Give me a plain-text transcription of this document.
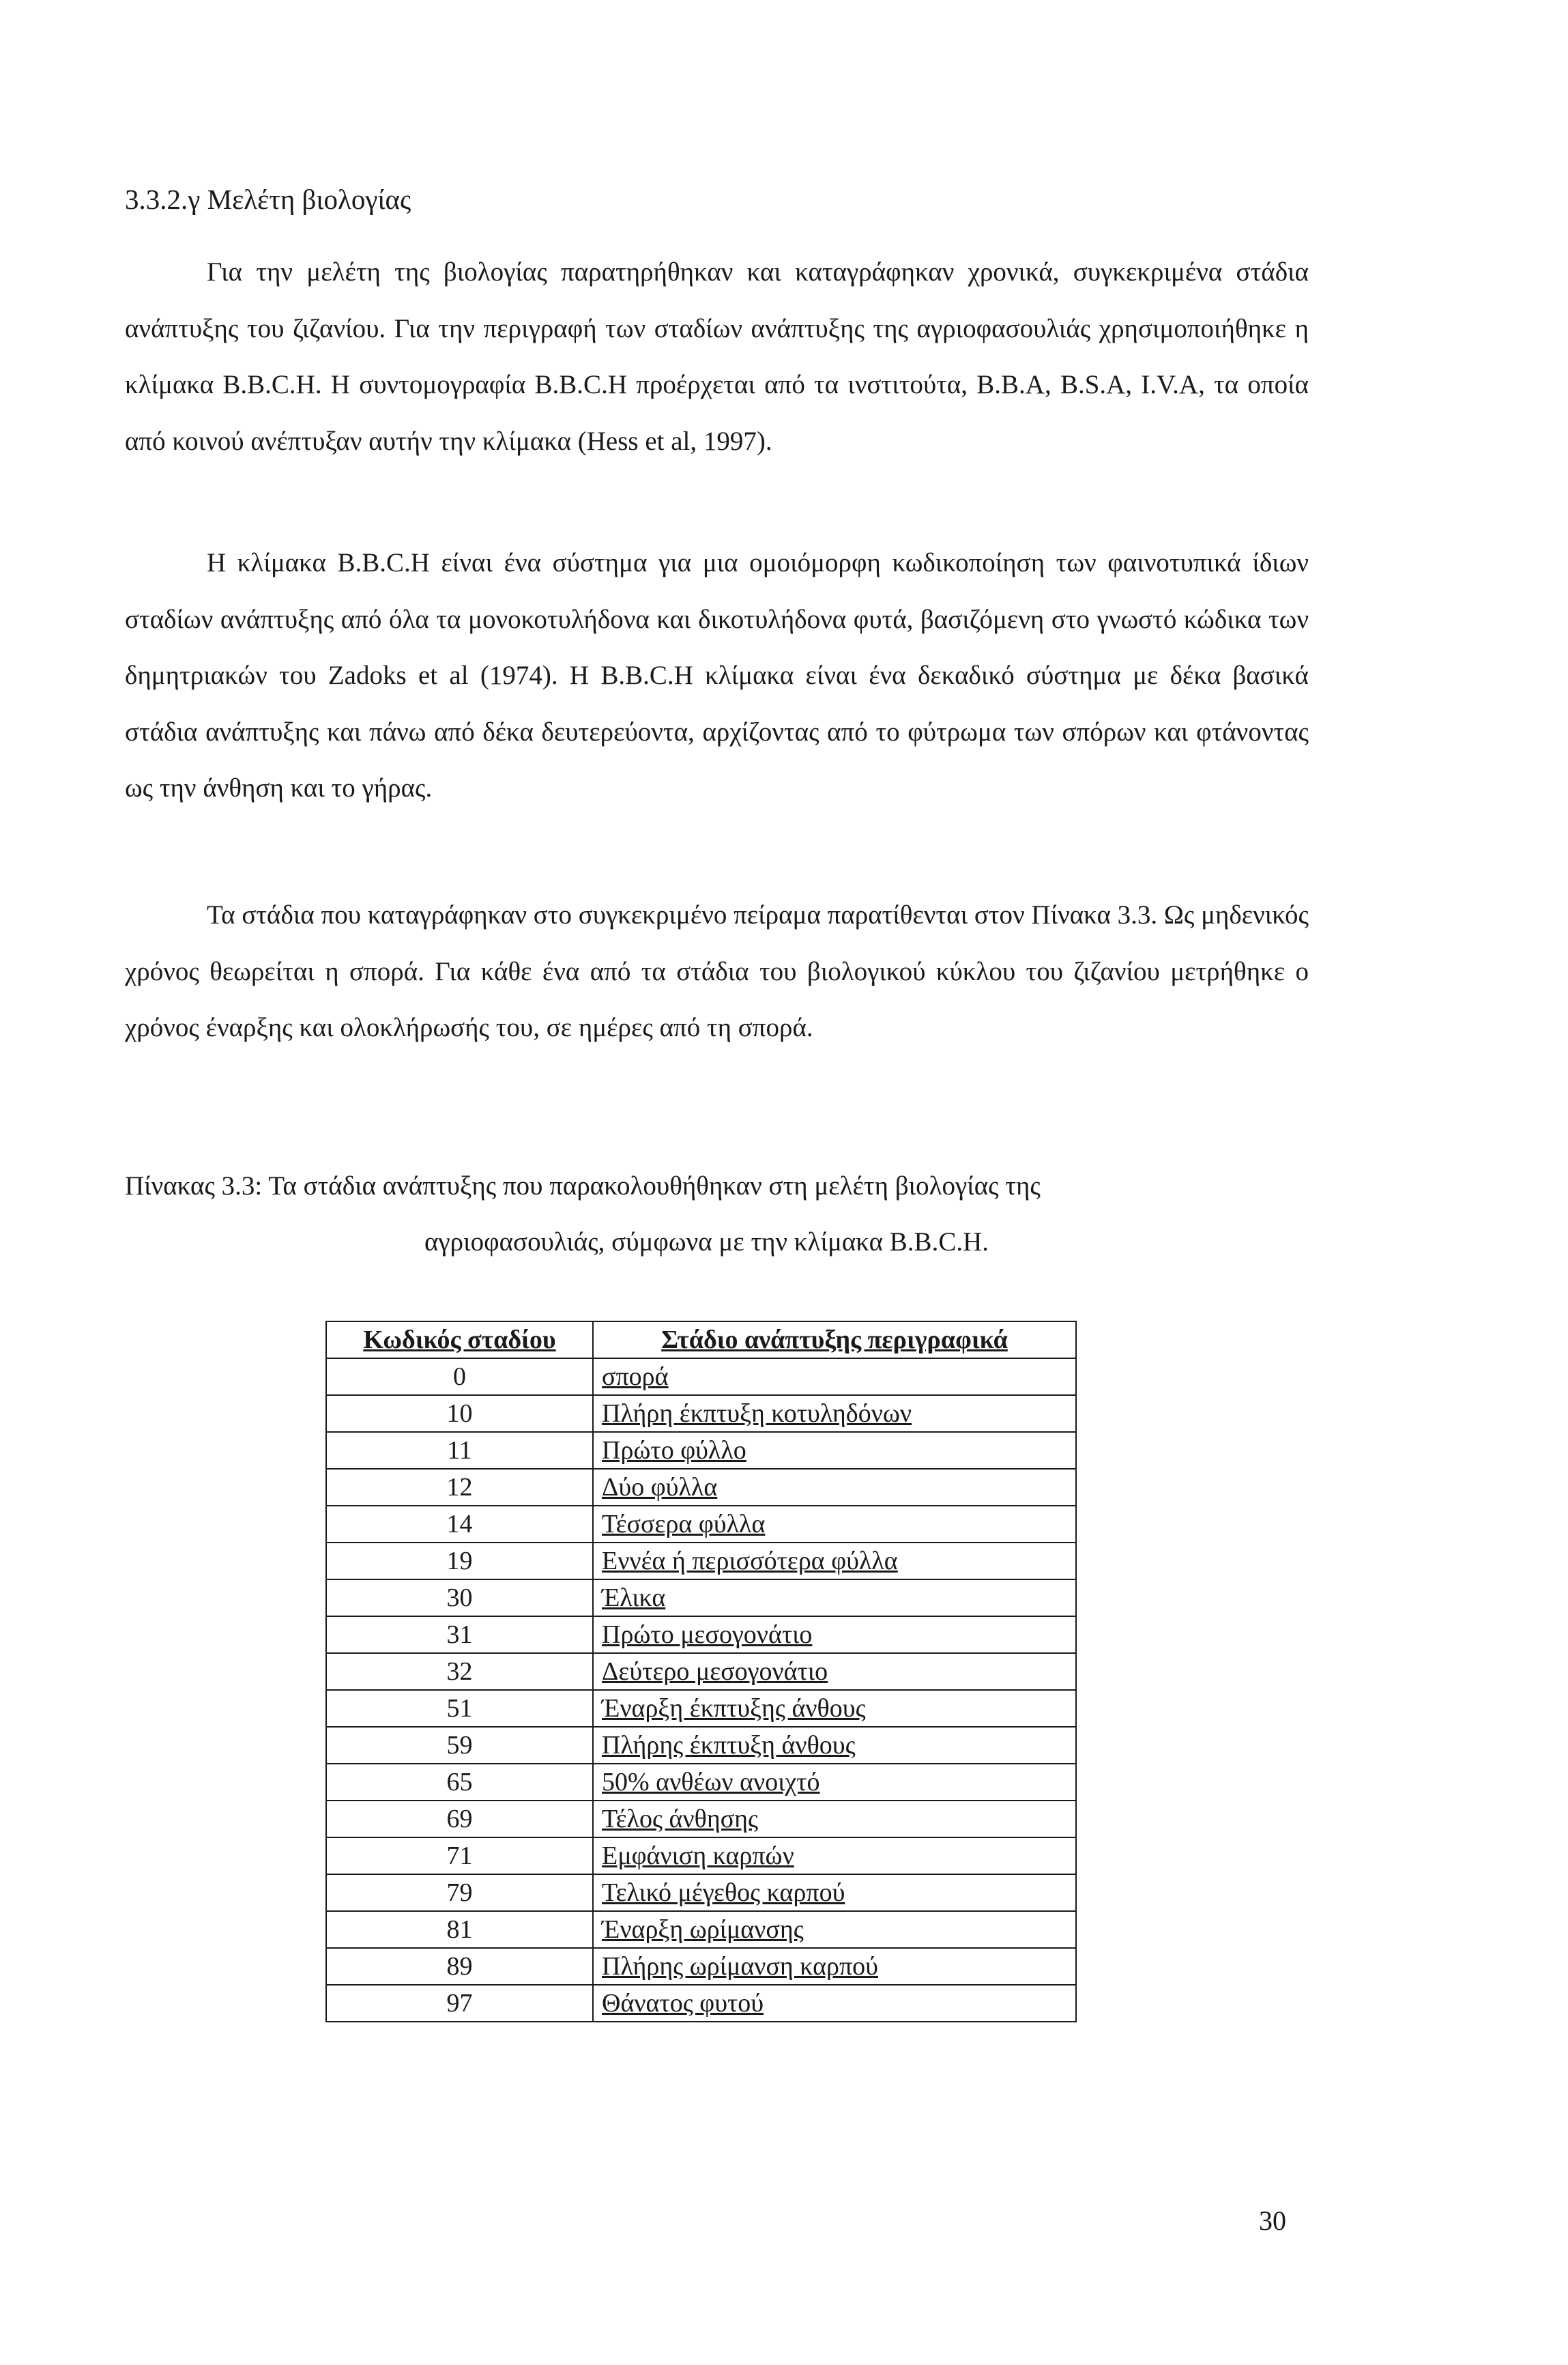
3.3.2.γ Μελέτη βιολογίας

Για την μελέτη της βιολογίας παρατηρήθηκαν και καταγράφηκαν χρονικά, συγκεκριμένα στάδια ανάπτυξης του ζιζανίου. Για την περιγραφή των σταδίων ανάπτυξης της αγριοφασουλιάς χρησιμοποιήθηκε η κλίμακα B.B.C.H. Η συντομογραφία B.B.C.H προέρχεται από τα ινστιτούτα, B.B.A, B.S.A, I.V.A, τα οποία από κοινού ανέπτυξαν αυτήν την κλίμακα (Hess et al, 1997).

Η κλίμακα B.B.C.H είναι ένα σύστημα για μια ομοιόμορφη κωδικοποίηση των φαινοτυπικά ίδιων σταδίων ανάπτυξης από όλα τα μονοκοτυλήδονα και δικοτυλήδονα φυτά, βασιζόμενη στο γνωστό κώδικα των δημητριακών του Zadoks et al (1974). Η B.B.C.H κλίμακα είναι ένα δεκαδικό σύστημα με δέκα βασικά στάδια ανάπτυξης και πάνω από δέκα δευτερεύοντα, αρχίζοντας από το φύτρωμα των σπόρων και φτάνοντας ως την άνθηση και το γήρας.

Τα στάδια που καταγράφηκαν στο συγκεκριμένο πείραμα παρατίθενται στον Πίνακα 3.3. Ως μηδενικός χρόνος θεωρείται η σπορά. Για κάθε ένα από τα στάδια του βιολογικού κύκλου του ζιζανίου μετρήθηκε ο χρόνος έναρξης και ολοκλήρωσής του, σε ημέρες από τη σπορά.

Πίνακας 3.3: Τα στάδια ανάπτυξης που παρακολουθήθηκαν στη μελέτη βιολογίας της
αγριοφασουλιάς, σύμφωνα με την κλίμακα B.B.C.H.

Κωδικός σταδίου	Στάδιο ανάπτυξης περιγραφικά
0	σπορά
10	Πλήρη έκπτυξη κοτυληδόνων
11	Πρώτο φύλλο
12	Δύο φύλλα
14	Τέσσερα φύλλα
19	Εννέα ή περισσότερα φύλλα
30	Έλικα
31	Πρώτο μεσογονάτιο
32	Δεύτερο μεσογονάτιο
51	Έναρξη έκπτυξης άνθους
59	Πλήρης έκπτυξη άνθους
65	50% ανθέων ανοιχτό
69	Τέλος άνθησης
71	Εμφάνιση καρπών
79	Τελικό μέγεθος καρπού
81	Έναρξη ωρίμανσης
89	Πλήρης ωρίμανση καρπού
97	Θάνατος φυτού
30
